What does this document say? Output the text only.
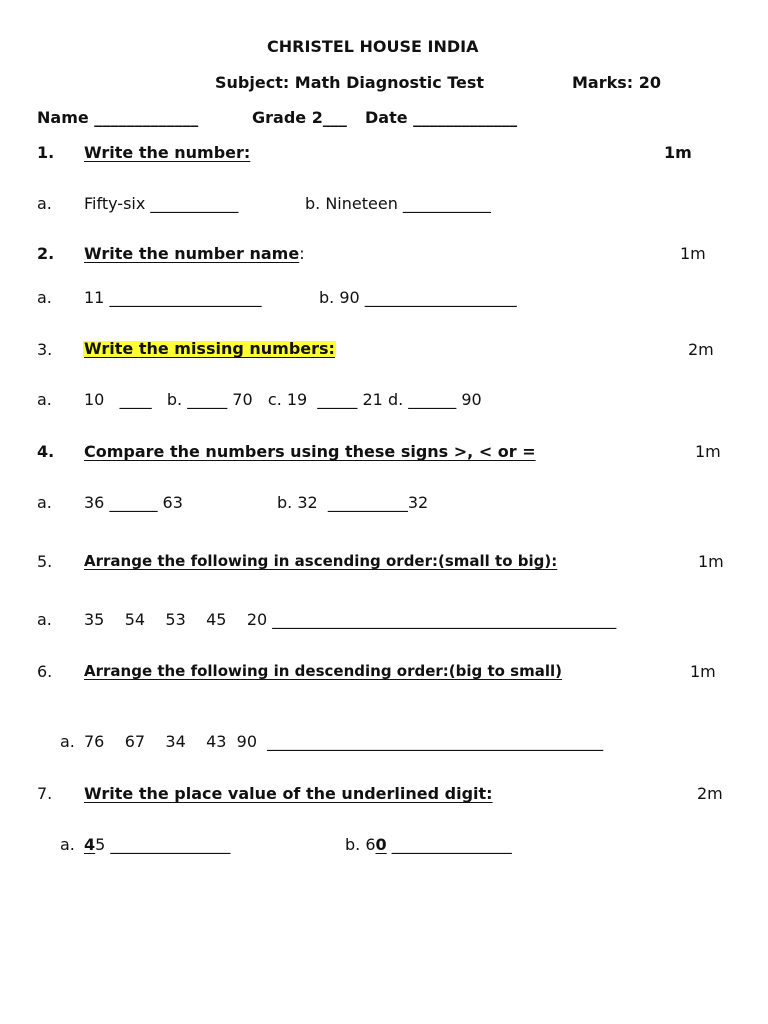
CHRISTEL HOUSE INDIA
Subject: Math Diagnostic Test	Marks: 20
Name _____________	Grade 2___ Date _____________
1. Write the number:	1m
a. Fifty-six ___________	b. Nineteen ___________
2. Write the number name:	1m
a. 11 ___________________	b. 90 ___________________
3. Write the missing numbers:	2m
a. 10   ____   b. _____ 70   c. 19  _____ 21 d. ______ 90
4. Compare the numbers using these signs >, < or =	1m
a. 36 ______ 63	b. 32  __________32
5. Arrange the following in ascending order:(small to big):	1m
a. 35    54    53    45    20 ___________________________________________
6. Arrange the following in descending order:(big to small)	1m
a. 76    67    34    43  90  __________________________________________
7. Write the place value of the underlined digit:	2m
a. 45 _______________	b. 60 _______________
